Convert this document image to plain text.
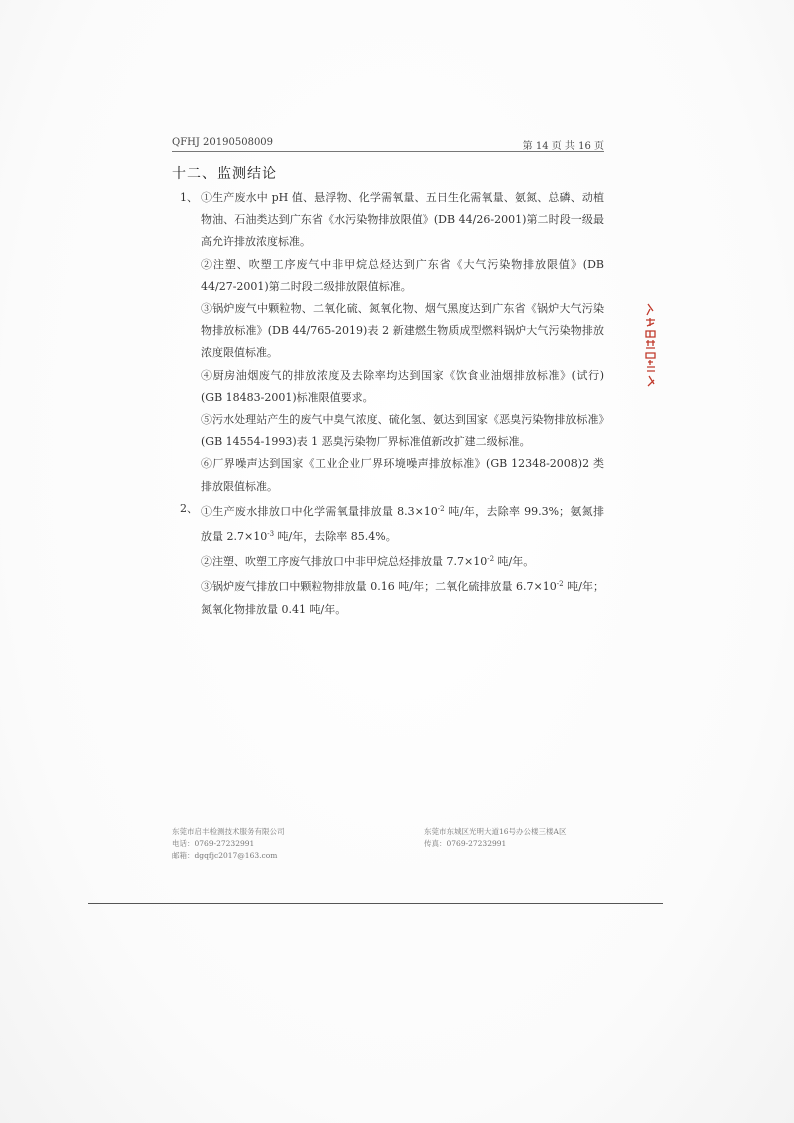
QFHJ 20190508009	第 14 页 共 16 页
十二、监测结论
1、 ①生产废水中 pH 值、悬浮物、化学需氧量、五日生化需氧量、氨氮、总磷、动植物油、石油类达到广东省《水污染物排放限值》(DB 44/26-2001)第二时段一级最高允许排放浓度标准。

②注塑、吹塑工序废气中非甲烷总烃达到广东省《大气污染物排放限值》(DB 44/27-2001)第二时段二级排放限值标准。

③锅炉废气中颗粒物、二氧化硫、氮氧化物、烟气黑度达到广东省《锅炉大气污染物排放标准》(DB 44/765-2019)表 2 新建燃生物质成型燃料锅炉大气污染物排放浓度限值标准。

④厨房油烟废气的排放浓度及去除率均达到国家《饮食业油烟排放标准》(试行)(GB 18483-2001)标准限值要求。

⑤污水处理站产生的废气中臭气浓度、硫化氢、氨达到国家《恶臭污染物排放标准》(GB 14554-1993)表 1 恶臭污染物厂界标准值新改扩建二级标准。

⑥厂界噪声达到国家《工业企业厂界环境噪声排放标准》(GB 12348-2008)2 类排放限值标准。

2、 ①生产废水排放口中化学需氧量排放量 $8.3\times 10^{-2}$ 吨/年，去除率 99.3%；氨氮排放量 $2.7\times 10^{-3}$ 吨/年，去除率 85.4%。

②注塑、吹塑工序废气排放口中非甲烷总烃排放量 $7.7\times 10^{-2}$ 吨/年。

③锅炉废气排放口中颗粒物排放量 0.16 吨/年；二氧化硫排放量 $6.7\times 10^{-2}$ 吨/年；氮氧化物排放量 0.41 吨/年。

东莞市启丰检测技术服务有限公司
电话：0769-27232991
邮箱：dgqfjc2017@163.com
东莞市东城区光明大道16号办公楼三楼A区
传真：0769-27232991
